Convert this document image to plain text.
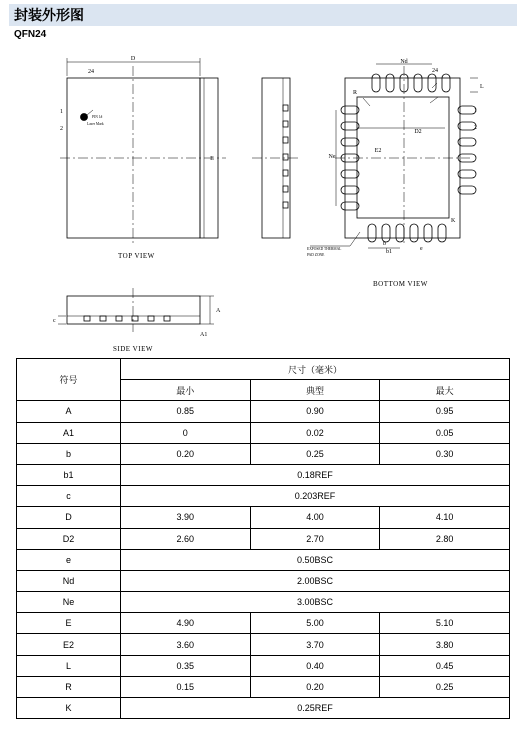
封装外形图
QFN24
D
E
24
1
2
PIN 1#
Laser Mark
Nd
24
D2
E2
Ne
L
R
K
b
b1	e
1
2
EXPOSED THERMAL
PAD ZONE
A
A1
c
TOP VIEW
BOTTOM VIEW
SIDE VIEW
符号	尺寸（毫米）		
	最小	典型	最大
A	0.85	0.90	0.95
A1	0	0.02	0.05
b	0.20	0.25	0.30
b1	0.18REF		
c	0.203REF		
D	3.90	4.00	4.10
D2	2.60	2.70	2.80
e	0.50BSC		
Nd	2.00BSC		
Ne	3.00BSC		
E	4.90	5.00	5.10
E2	3.60	3.70	3.80
L	0.35	0.40	0.45
R	0.15	0.20	0.25
K	0.25REF		
